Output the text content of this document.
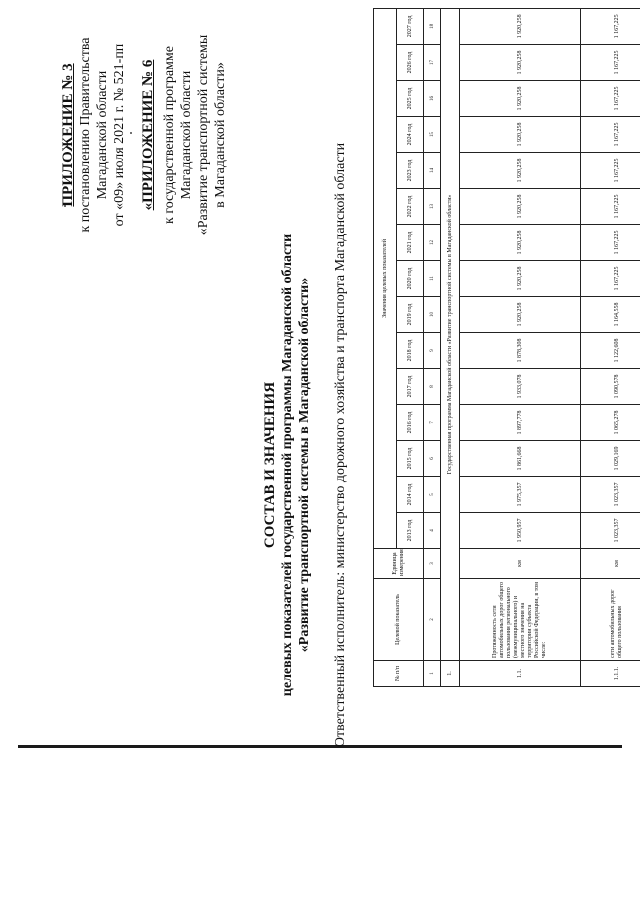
ПРИЛОЖЕНИЕ № 3 к постановлению Правительства Магаданской области от «09» июля 2021 г. № 521-пп «ПРИЛОЖЕНИЕ № 6 к государственной программе Магаданской области «Развитие транспортной системы в Магаданской области»
СОСТАВ И ЗНАЧЕНИЯ целевых показателей государственной программы Магаданской области «Развитие транспортной системы в Магаданской области» Ответственный исполнитель: министерство дорожного хозяйства и транспорта Магаданской области	№ п/п	Целевой показатель	Единица измерения	Значения целевых показателей														
			2013 год	2014 год	2015 год	2016 год	2017 год	2018 год	2019 год	2020 год	2021 год	2022 год	2023 год	2024 год	2025 год	2026 год	2027 год
1	2	3	4	5	6	7	8	9	10	11	12	13	14	15	16	17	18
1.	Государственная программа Магаданской области «Развитие транспортной системы в Магаданской области»																
1.1.	Протяженность сети автомобильных дорог общего пользования регионального (межмуниципального) и местного значения на территории субъекта Российской Федерации, в том числе:	км	1 950,957	1 975,357	1 861,668	1 897,778	1 933,078	1 878,308	1 920,258	1 920,258	1 920,258	1 920,258	1 920,258	1 920,258	1 920,258	1 920,258	1 920,258
1.1.1.	сети автомобильных дорог общего пользования	км	1 023,357	1 023,357	1 029,169	1 065,278	1 090,578	1 122,608	1 164,558	1 167,225	1 167,225	1 167,225	1 167,225	1 167,225	1 167,225	1 167,225	1 167,225
